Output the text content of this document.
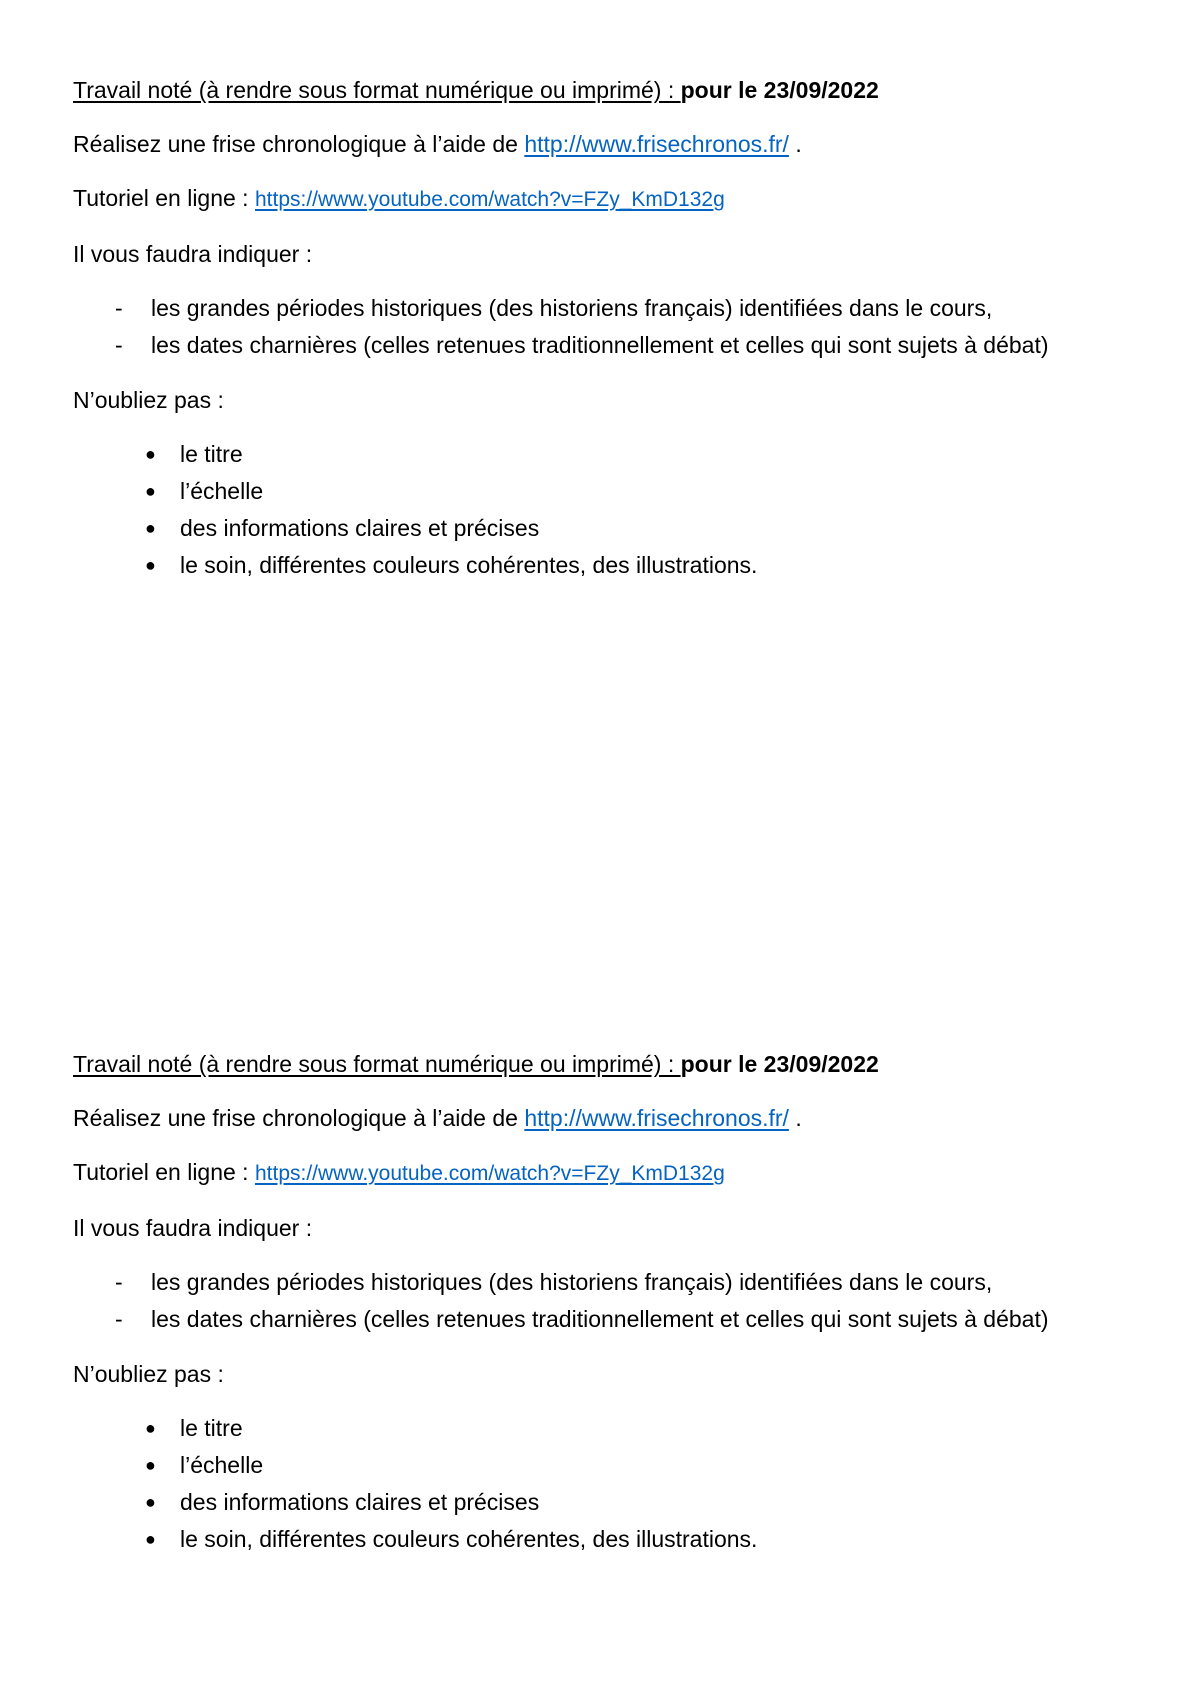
Travail noté (à rendre sous format numérique ou imprimé) : pour le 23/09/2022

Réalisez une frise chronologique à l’aide de http://www.frisechronos.fr/ .

Tutoriel en ligne : https://www.youtube.com/watch?v=FZy_KmD132g

Il vous faudra indiquer :

- les grandes périodes historiques (des historiens français) identifiées dans le cours,
- les dates charnières (celles retenues traditionnellement et celles qui sont sujets à débat)

N’oubliez pas :

● le titre
● l’échelle
● des informations claires et précises
● le soin, différentes couleurs cohérentes, des illustrations.

Travail noté (à rendre sous format numérique ou imprimé) : pour le 23/09/2022

Réalisez une frise chronologique à l’aide de http://www.frisechronos.fr/ .

Tutoriel en ligne : https://www.youtube.com/watch?v=FZy_KmD132g

Il vous faudra indiquer :

- les grandes périodes historiques (des historiens français) identifiées dans le cours,
- les dates charnières (celles retenues traditionnellement et celles qui sont sujets à débat)

N’oubliez pas :

● le titre
● l’échelle
● des informations claires et précises
● le soin, différentes couleurs cohérentes, des illustrations.
